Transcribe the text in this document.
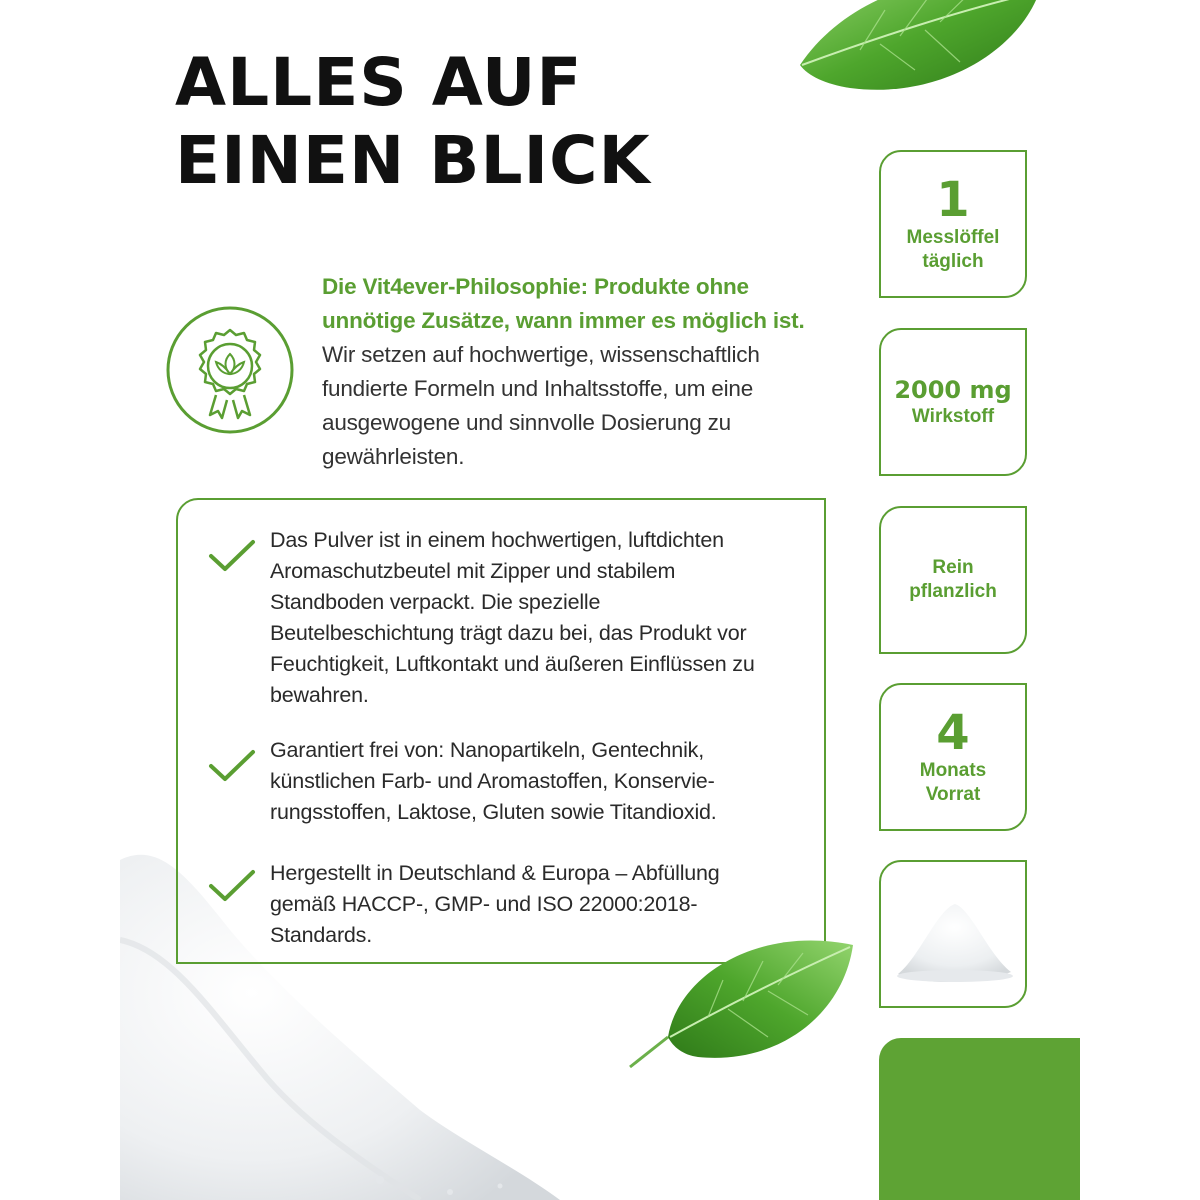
ALLES AUF
EINEN BLICK
Die Vit4ever-Philosophie: Produkte ohne unnötige Zusätze, wann immer es möglich ist. Wir setzen auf hochwertige, wissenschaftlich fundierte Formeln und Inhaltsstoffe, um eine ausgewogene und sinnvolle Dosierung zu gewährleisten.
Das Pulver ist in einem hochwertigen, luftdichten Aromaschutzbeutel mit Zipper und stabilem Standboden verpackt. Die spezielle Beutelbeschichtung trägt dazu bei, das Produkt vor Feuchtigkeit, Luftkontakt und äußeren Einflüssen zu bewahren.
Garantiert frei von: Nanopartikeln, Gentechnik, künstlichen Farb- und Aromastoffen, Konservie-rungsstoffen, Laktose, Gluten sowie Titandioxid.
Hergestellt in Deutschland & Europa – Abfüllung gemäß HACCP-, GMP- und ISO 22000:2018-Standards.
1
Messlöffel
täglich
2000 mg
Wirkstoff
Rein
pflanzlich
4
Monats
Vorrat
